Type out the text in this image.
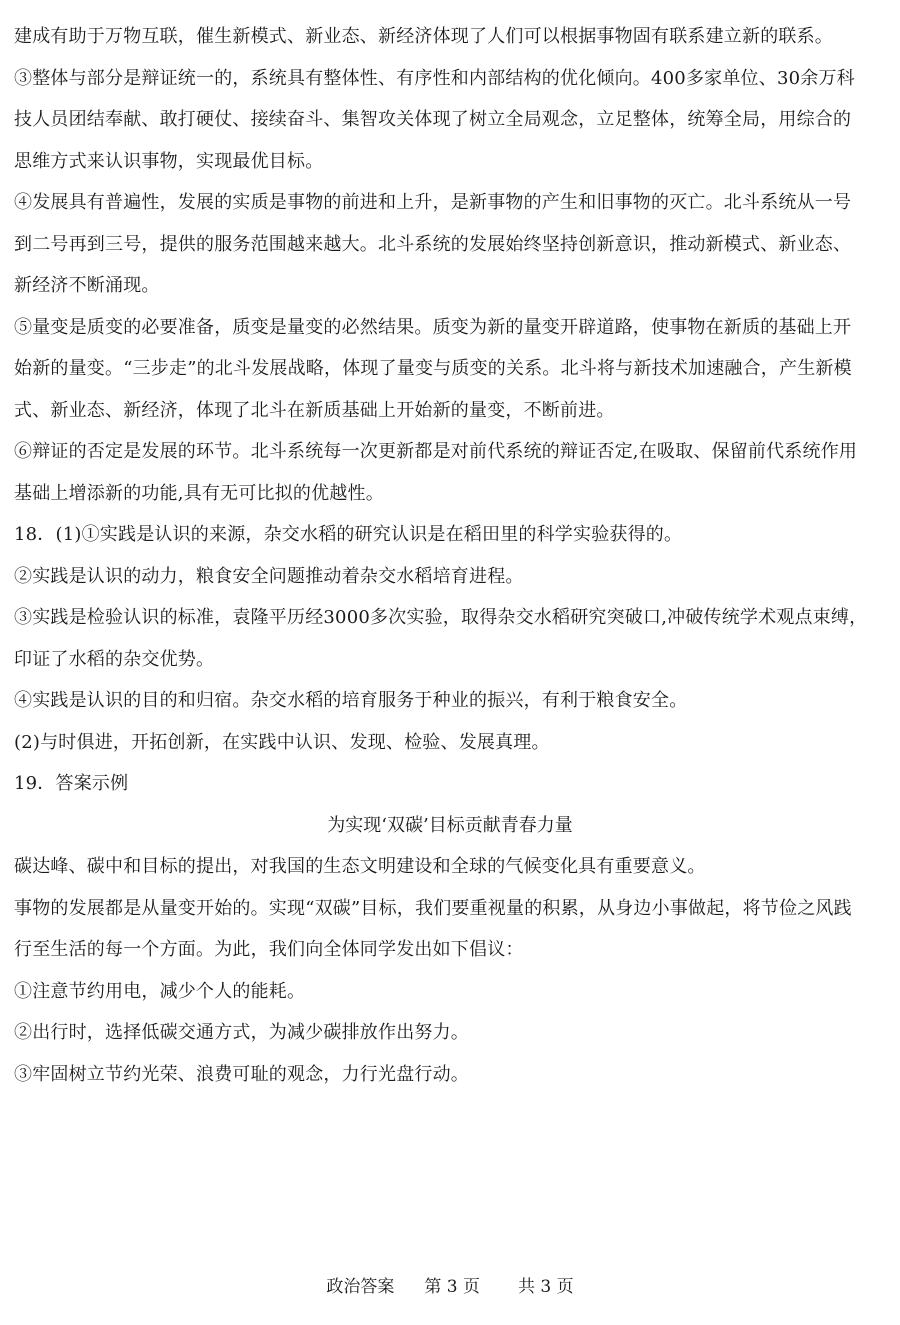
建成有助于万物互联，催生新模式、新业态、新经济体现了人们可以根据事物固有联系建立新的联系。
③整体与部分是辩证统一的，系统具有整体性、有序性和内部结构的优化倾向。400多家单位、30余万科
技人员团结奉献、敢打硬仗、接续奋斗、集智攻关体现了树立全局观念，立足整体，统筹全局，用综合的
思维方式来认识事物，实现最优目标。
④发展具有普遍性，发展的实质是事物的前进和上升，是新事物的产生和旧事物的灭亡。北斗系统从一号
到二号再到三号，提供的服务范围越来越大。北斗系统的发展始终坚持创新意识，推动新模式、新业态、
新经济不断涌现。
⑤量变是质变的必要准备，质变是量变的必然结果。质变为新的量变开辟道路，使事物在新质的基础上开
始新的量变。“三步走”的北斗发展战略，体现了量变与质变的关系。北斗将与新技术加速融合，产生新模
式、新业态、新经济，体现了北斗在新质基础上开始新的量变，不断前进。
⑥辩证的否定是发展的环节。北斗系统每一次更新都是对前代系统的辩证否定,在吸取、保留前代系统作用
基础上增添新的功能,具有无可比拟的优越性。
18．(1)①实践是认识的来源，杂交水稻的研究认识是在稻田里的科学实验获得的。
②实践是认识的动力，粮食安全问题推动着杂交水稻培育进程。
③实践是检验认识的标准，袁隆平历经3000多次实验，取得杂交水稻研究突破口,冲破传统学术观点束缚，
印证了水稻的杂交优势。
④实践是认识的目的和归宿。杂交水稻的培育服务于种业的振兴，有利于粮食安全。
(2)与时俱进，开拓创新，在实践中认识、发现、检验、发展真理。
19．答案示例
为实现‘双碳’目标贡献青春力量
碳达峰、碳中和目标的提出，对我国的生态文明建设和全球的气候变化具有重要意义。
事物的发展都是从量变开始的。实现“双碳”目标，我们要重视量的积累，从身边小事做起，将节俭之风践
行至生活的每一个方面。为此，我们向全体同学发出如下倡议：
①注意节约用电，减少个人的能耗。
②出行时，选择低碳交通方式，为减少碳排放作出努力。
③牢固树立节约光荣、浪费可耻的观念，力行光盘行动。
政治答案 第 3 页 共 3 页
